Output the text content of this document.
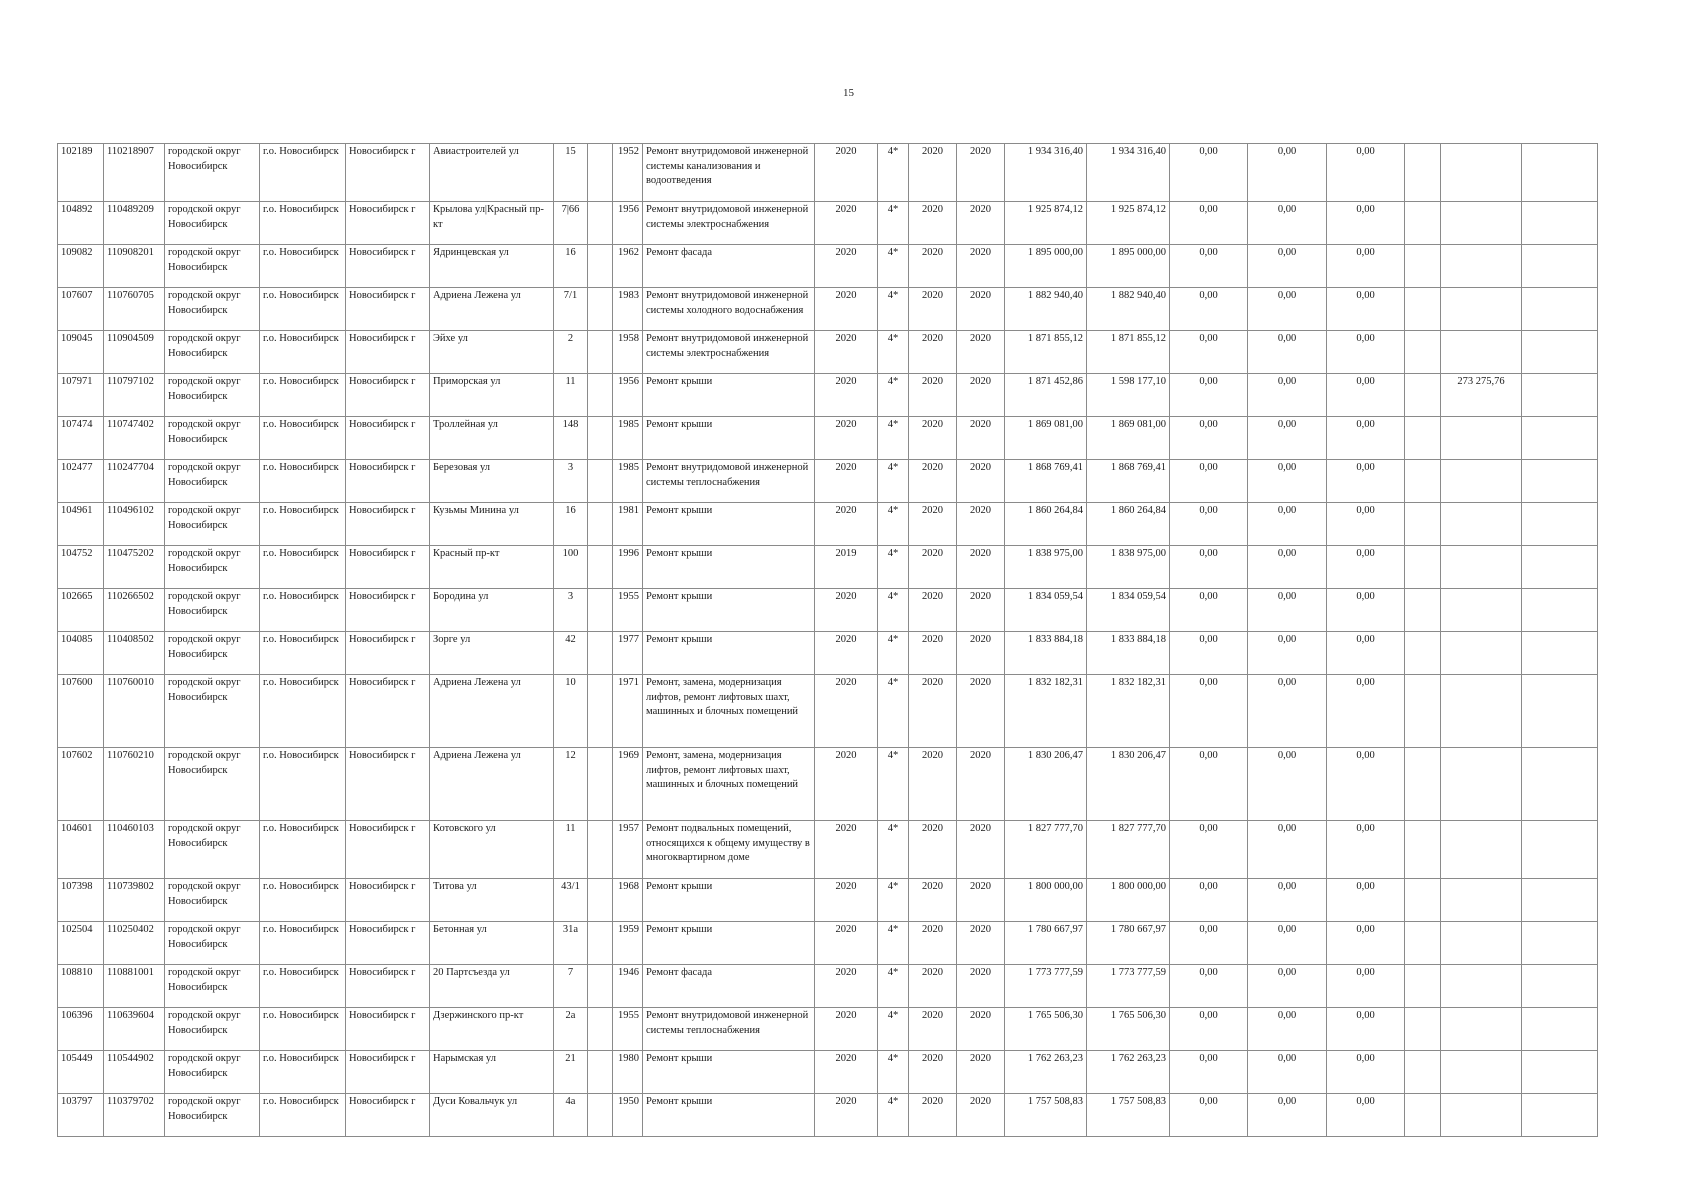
15
102189	110218907	городской округ Новосибирск	г.о. Новосибирск	Новосибирск г	Авиастроителей ул	15		1952	Ремонт внутридомовой инженерной системы канализования и водоотведения	2020	4*	2020	2020	1 934 316,40	1 934 316,40	0,00	0,00	0,00			
104892	110489209	городской округ Новосибирск	г.о. Новосибирск	Новосибирск г	Крылова ул|Красный пр-кт	7|66		1956	Ремонт внутридомовой инженерной системы электроснабжения	2020	4*	2020	2020	1 925 874,12	1 925 874,12	0,00	0,00	0,00			
109082	110908201	городской округ Новосибирск	г.о. Новосибирск	Новосибирск г	Ядринцевская ул	16		1962	Ремонт фасада	2020	4*	2020	2020	1 895 000,00	1 895 000,00	0,00	0,00	0,00			
107607	110760705	городской округ Новосибирск	г.о. Новосибирск	Новосибирск г	Адриена Лежена ул	7/1		1983	Ремонт внутридомовой инженерной системы холодного водоснабжения	2020	4*	2020	2020	1 882 940,40	1 882 940,40	0,00	0,00	0,00			
109045	110904509	городской округ Новосибирск	г.о. Новосибирск	Новосибирск г	Эйхе ул	2		1958	Ремонт внутридомовой инженерной системы электроснабжения	2020	4*	2020	2020	1 871 855,12	1 871 855,12	0,00	0,00	0,00			
107971	110797102	городской округ Новосибирск	г.о. Новосибирск	Новосибирск г	Приморская ул	11		1956	Ремонт крыши	2020	4*	2020	2020	1 871 452,86	1 598 177,10	0,00	0,00	0,00		273 275,76	
107474	110747402	городской округ Новосибирск	г.о. Новосибирск	Новосибирск г	Троллейная ул	148		1985	Ремонт крыши	2020	4*	2020	2020	1 869 081,00	1 869 081,00	0,00	0,00	0,00			
102477	110247704	городской округ Новосибирск	г.о. Новосибирск	Новосибирск г	Березовая ул	3		1985	Ремонт внутридомовой инженерной системы теплоснабжения	2020	4*	2020	2020	1 868 769,41	1 868 769,41	0,00	0,00	0,00			
104961	110496102	городской округ Новосибирск	г.о. Новосибирск	Новосибирск г	Кузьмы Минина ул	16		1981	Ремонт крыши	2020	4*	2020	2020	1 860 264,84	1 860 264,84	0,00	0,00	0,00			
104752	110475202	городской округ Новосибирск	г.о. Новосибирск	Новосибирск г	Красный пр-кт	100		1996	Ремонт крыши	2019	4*	2020	2020	1 838 975,00	1 838 975,00	0,00	0,00	0,00			
102665	110266502	городской округ Новосибирск	г.о. Новосибирск	Новосибирск г	Бородина ул	3		1955	Ремонт крыши	2020	4*	2020	2020	1 834 059,54	1 834 059,54	0,00	0,00	0,00			
104085	110408502	городской округ Новосибирск	г.о. Новосибирск	Новосибирск г	Зорге ул	42		1977	Ремонт крыши	2020	4*	2020	2020	1 833 884,18	1 833 884,18	0,00	0,00	0,00			
107600	110760010	городской округ Новосибирск	г.о. Новосибирск	Новосибирск г	Адриена Лежена ул	10		1971	Ремонт, замена, модернизация лифтов, ремонт лифтовых шахт, машинных и блочных помещений	2020	4*	2020	2020	1 832 182,31	1 832 182,31	0,00	0,00	0,00			
107602	110760210	городской округ Новосибирск	г.о. Новосибирск	Новосибирск г	Адриена Лежена ул	12		1969	Ремонт, замена, модернизация лифтов, ремонт лифтовых шахт, машинных и блочных помещений	2020	4*	2020	2020	1 830 206,47	1 830 206,47	0,00	0,00	0,00			
104601	110460103	городской округ Новосибирск	г.о. Новосибирск	Новосибирск г	Котовского ул	11		1957	Ремонт подвальных помещений, относящихся к общему имуществу в многоквартирном доме	2020	4*	2020	2020	1 827 777,70	1 827 777,70	0,00	0,00	0,00			
107398	110739802	городской округ Новосибирск	г.о. Новосибирск	Новосибирск г	Титова ул	43/1		1968	Ремонт крыши	2020	4*	2020	2020	1 800 000,00	1 800 000,00	0,00	0,00	0,00			
102504	110250402	городской округ Новосибирск	г.о. Новосибирск	Новосибирск г	Бетонная ул	31а		1959	Ремонт крыши	2020	4*	2020	2020	1 780 667,97	1 780 667,97	0,00	0,00	0,00			
108810	110881001	городской округ Новосибирск	г.о. Новосибирск	Новосибирск г	20 Партсъезда ул	7		1946	Ремонт фасада	2020	4*	2020	2020	1 773 777,59	1 773 777,59	0,00	0,00	0,00			
106396	110639604	городской округ Новосибирск	г.о. Новосибирск	Новосибирск г	Дзержинского пр-кт	2а		1955	Ремонт внутридомовой инженерной системы теплоснабжения	2020	4*	2020	2020	1 765 506,30	1 765 506,30	0,00	0,00	0,00			
105449	110544902	городской округ Новосибирск	г.о. Новосибирск	Новосибирск г	Нарымская ул	21		1980	Ремонт крыши	2020	4*	2020	2020	1 762 263,23	1 762 263,23	0,00	0,00	0,00			
103797	110379702	городской округ Новосибирск	г.о. Новосибирск	Новосибирск г	Дуси Ковальчук ул	4а		1950	Ремонт крыши	2020	4*	2020	2020	1 757 508,83	1 757 508,83	0,00	0,00	0,00			
